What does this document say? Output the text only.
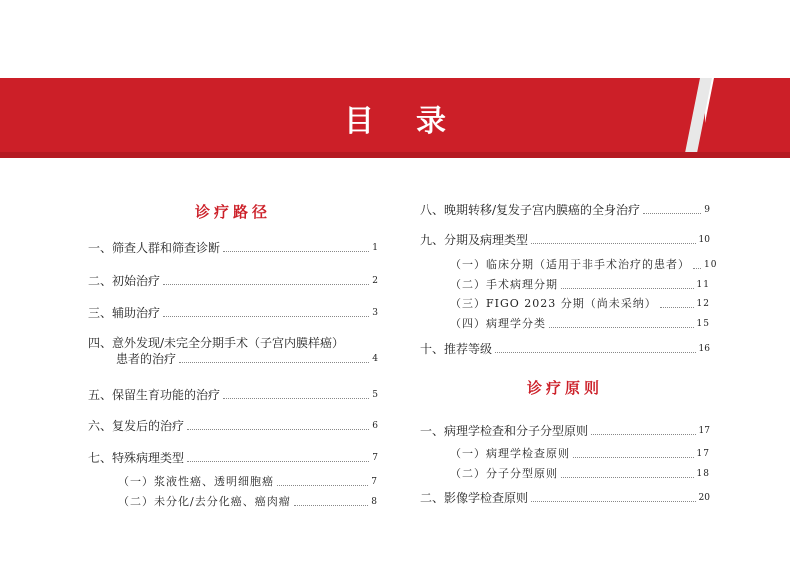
目录
诊疗路径
一、筛查人群和筛查诊断	1
二、初始治疗	2
三、辅助治疗	3
四、意外发现/未完全分期手术（子宫内膜样癌）
患者的治疗	4
五、保留生育功能的治疗	5
六、复发后的治疗	6
七、特殊病理类型	7
（一）浆液性癌、透明细胞癌	7
（二）未分化/去分化癌、癌肉瘤	8
八、晚期转移/复发子宫内膜癌的全身治疗	9
九、分期及病理类型	10
（一）临床分期（适用于非手术治疗的患者） 10
（二）手术病理分期	11
（三）FIGO 2023 分期（尚未采纳）	12
（四）病理学分类	15
十、推荐等级	16
诊疗原则
一、病理学检查和分子分型原则	17
（一）病理学检查原则	17
（二）分子分型原则	18
二、影像学检查原则	20
